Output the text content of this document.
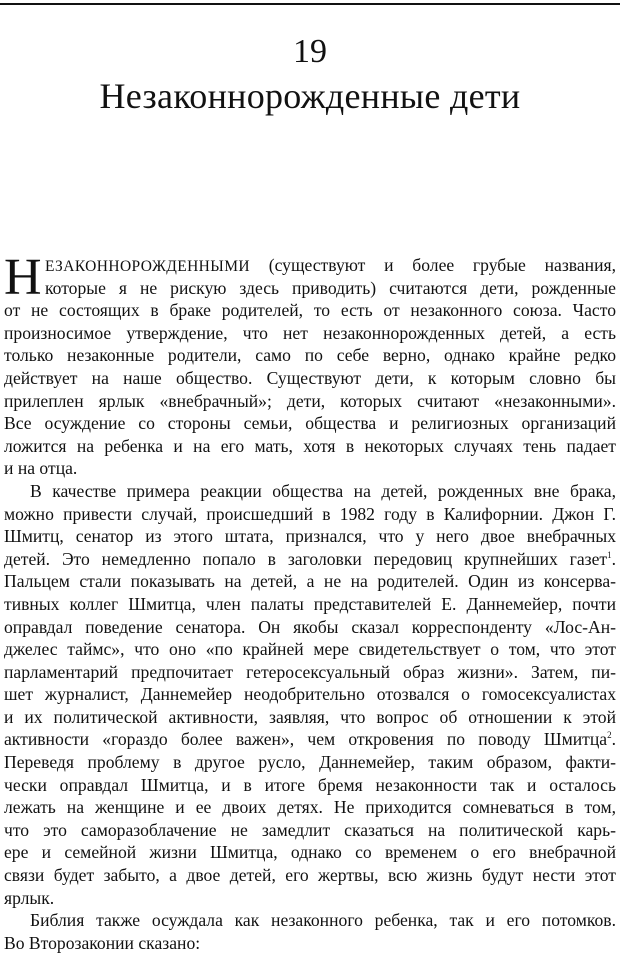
19
Незаконнорожденные дети
Н ЕЗАКОННОРОЖДЕННЫМИ (существуют и более грубые названия,
которые я не рискую здесь приводить) считаются дети, рожденные
от не состоящих в браке родителей, то есть от незаконного союза. Часто
произносимое утверждение, что нет незаконнорожденных детей, а есть
только незаконные родители, само по себе верно, однако крайне редко
действует на наше общество. Существуют дети, к которым словно бы
прилеплен ярлык «внебрачный»; дети, которых считают «незаконными».
Все осуждение со стороны семьи, общества и религиозных организаций
ложится на ребенка и на его мать, хотя в некоторых случаях тень падает
и на отца.
В качестве примера реакции общества на детей, рожденных вне брака,
можно привести случай, происшедший в 1982 году в Калифорнии. Джон Г.
Шмитц, сенатор из этого штата, признался, что у него двое внебрачных
детей. Это немедленно попало в заголовки передовиц крупнейших газет$^1$.
Пальцем стали показывать на детей, а не на родителей. Один из консерва-
тивных коллег Шмитца, член палаты представителей Е. Даннемейер, почти
оправдал поведение сенатора. Он якобы сказал корреспонденту «Лос-Ан-
джелес таймс», что оно «по крайней мере свидетельствует о том, что этот
парламентарий предпочитает гетеросексуальный образ жизни». Затем, пи-
шет журналист, Даннемейер неодобрительно отозвался о гомосексуалистах
и их политической активности, заявляя, что вопрос об отношении к этой
активности «гораздо более важен», чем откровения по поводу Шмитца$^2$.
Переведя проблему в другое русло, Даннемейер, таким образом, факти-
чески оправдал Шмитца, и в итоге бремя незаконности так и осталось
лежать на женщине и ее двоих детях. Не приходится сомневаться в том,
что это саморазоблачение не замедлит сказаться на политической карь-
ере и семейной жизни Шмитца, однако со временем о его внебрачной
связи будет забыто, а двое детей, его жертвы, всю жизнь будут нести этот
ярлык.
Библия также осуждала как незаконного ребенка, так и его потомков.
Во Второзаконии сказано:
